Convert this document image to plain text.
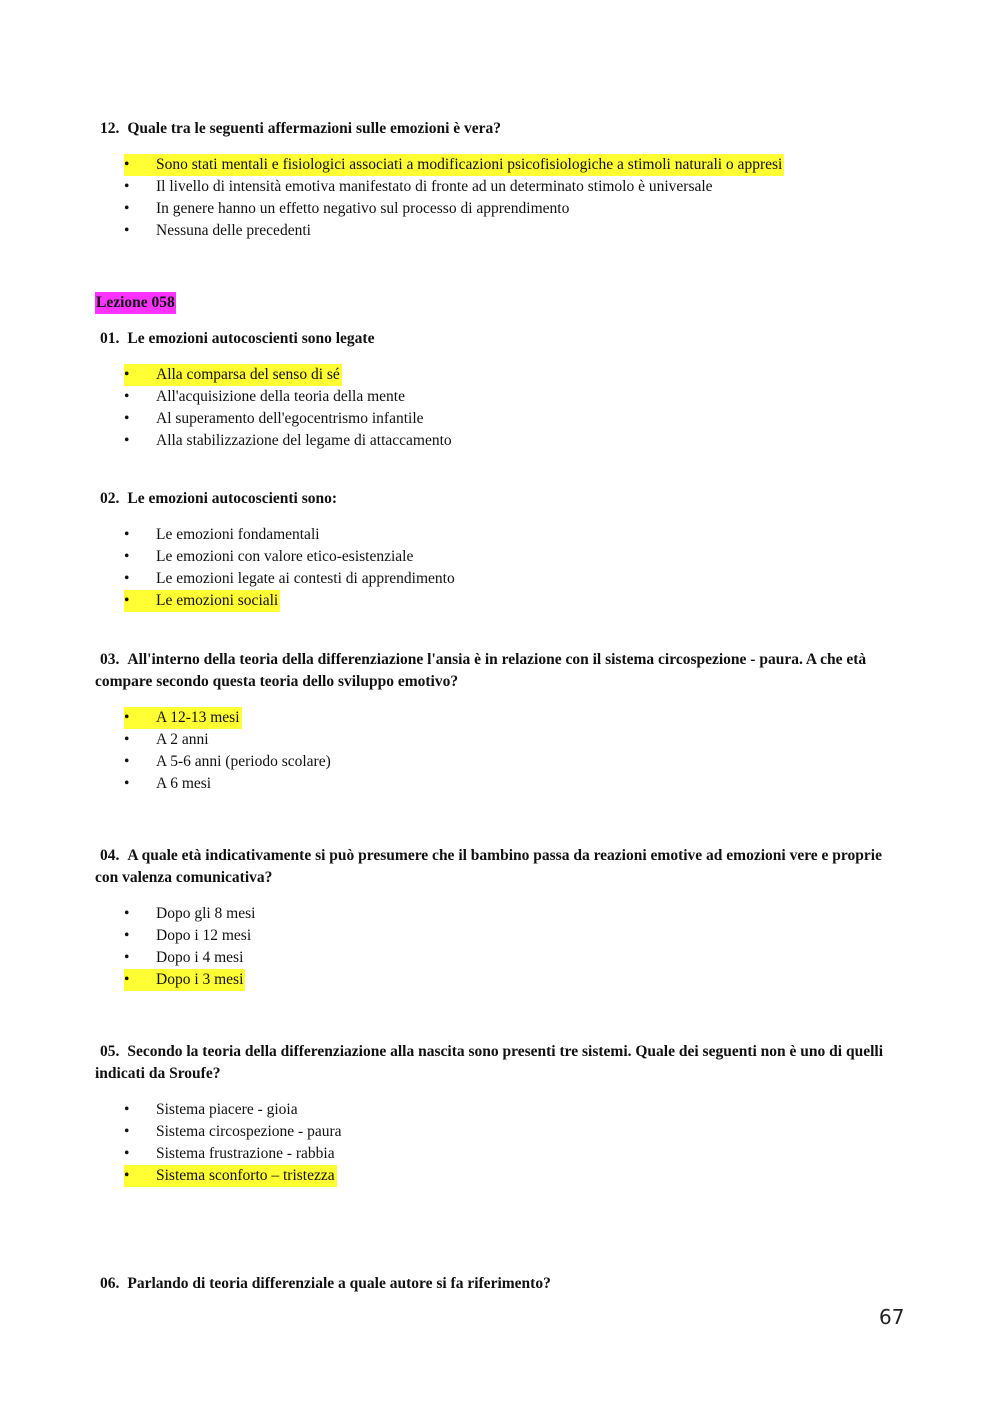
12. Quale tra le seguenti affermazioni sulle emozioni è vera?

•	Sono stati mentali e fisiologici associati a modificazioni psicofisiologiche a stimoli naturali o appresi
•	Il livello di intensità emotiva manifestato di fronte ad un determinato stimolo è universale
•	In genere hanno un effetto negativo sul processo di apprendimento
•	Nessuna delle precedenti
Lezione 058

01. Le emozioni autocoscienti sono legate

•	Alla comparsa del senso di sé
•	All'acquisizione della teoria della mente
•	Al superamento dell'egocentrismo infantile
•	Alla stabilizzazione del legame di attaccamento

02. Le emozioni autocoscienti sono:

•	Le emozioni fondamentali
•	Le emozioni con valore etico-esistenziale
•	Le emozioni legate ai contesti di apprendimento
•	Le emozioni sociali

03. All'interno della teoria della differenziazione l'ansia è in relazione con il sistema circospezione - paura. A che età compare secondo questa teoria dello sviluppo emotivo?

•	A 12-13 mesi
•	A 2 anni
•	A 5-6 anni (periodo scolare)
•	A 6 mesi

04. A quale età indicativamente si può presumere che il bambino passa da reazioni emotive ad emozioni vere e proprie con valenza comunicativa?

•	Dopo gli 8 mesi
•	Dopo i 12 mesi
•	Dopo i 4 mesi
•	Dopo i 3 mesi

05. Secondo la teoria della differenziazione alla nascita sono presenti tre sistemi. Quale dei seguenti non è uno di quelli indicati da Sroufe?

•	Sistema piacere - gioia
•	Sistema circospezione - paura
•	Sistema frustrazione - rabbia
•	Sistema sconforto – tristezza

06. Parlando di teoria differenziale a quale autore si fa riferimento?

67
